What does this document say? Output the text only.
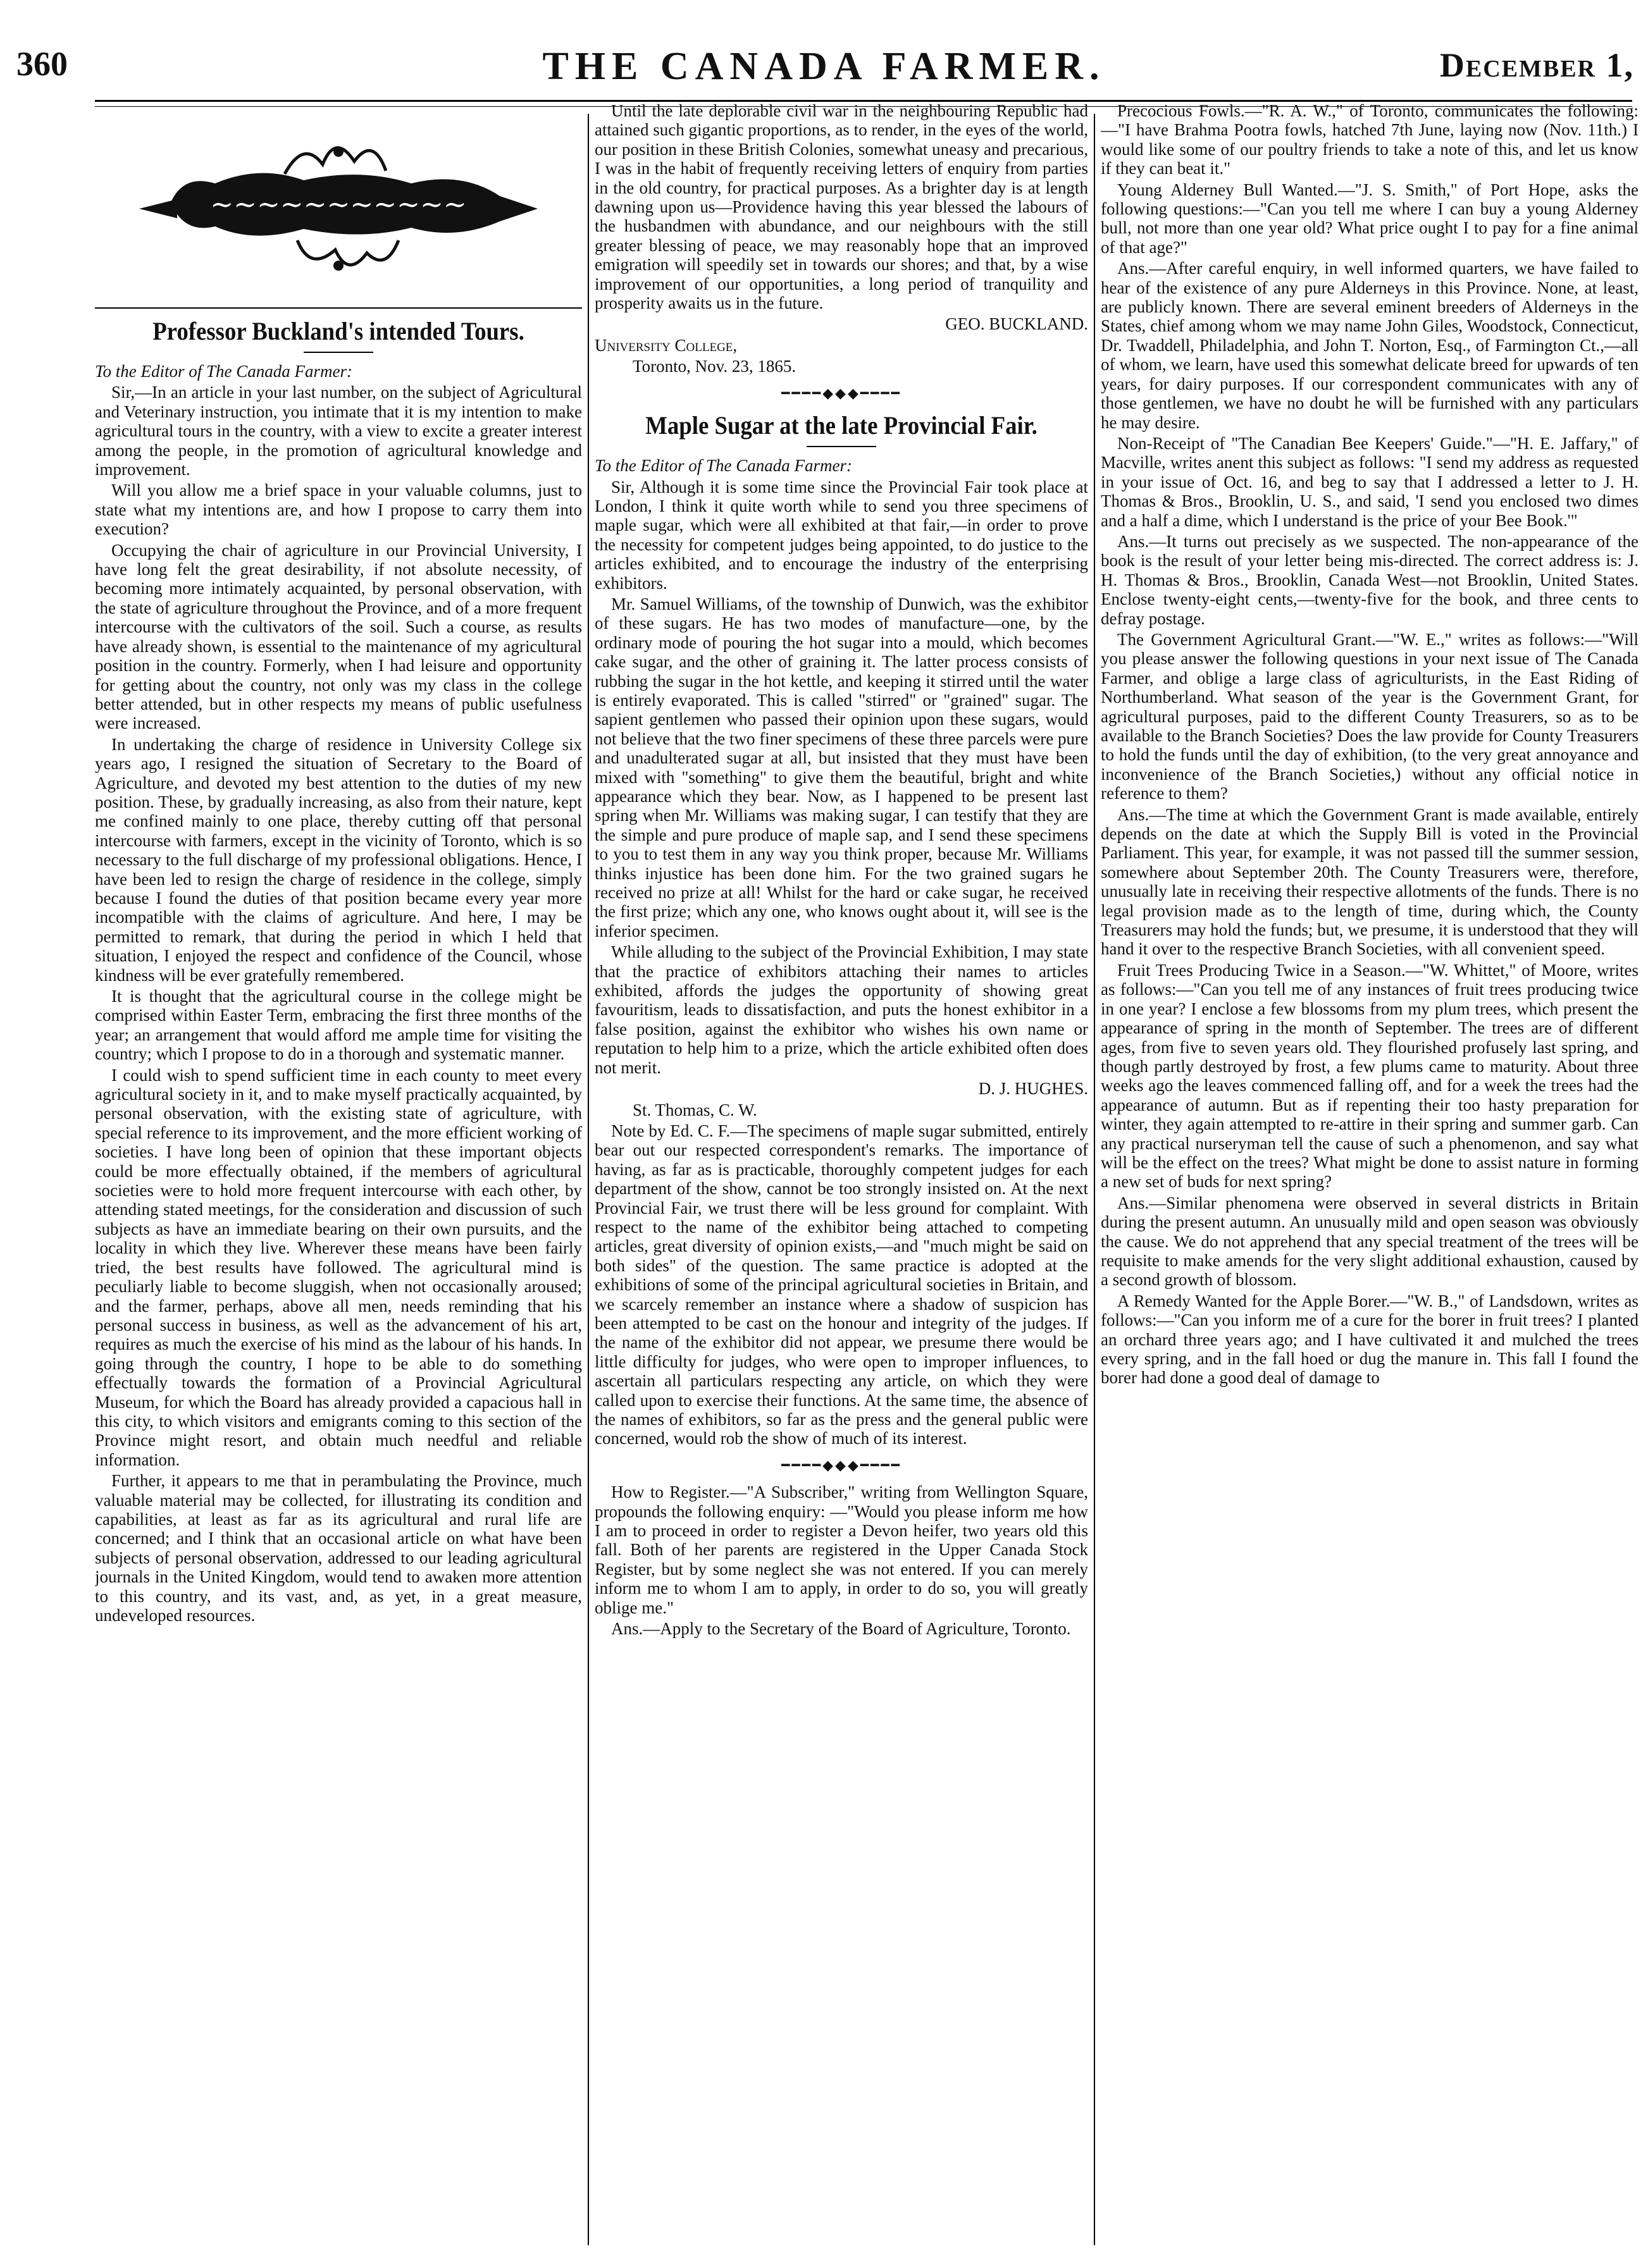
360	THE CANADA FARMER.	December 1,
~~~~~~~~~~~
Professor Buckland's intended Tours.

To the Editor of The Canada Farmer:

Sir,—In an article in your last number, on the subject of Agricultural and Veterinary instruction, you intimate that it is my intention to make agricultural tours in the country, with a view to excite a greater interest among the people, in the promotion of agricultural knowledge and improvement.

Will you allow me a brief space in your valuable columns, just to state what my intentions are, and how I propose to carry them into execution?

Occupying the chair of agriculture in our Provincial University, I have long felt the great desirability, if not absolute necessity, of becoming more intimately acquainted, by personal observation, with the state of agriculture throughout the Province, and of a more frequent intercourse with the cultivators of the soil. Such a course, as results have already shown, is essential to the maintenance of my agricultural position in the country. Formerly, when I had leisure and opportunity for getting about the country, not only was my class in the college better attended, but in other respects my means of public usefulness were increased.

In undertaking the charge of residence in University College six years ago, I resigned the situation of Secretary to the Board of Agriculture, and devoted my best attention to the duties of my new position. These, by gradually increasing, as also from their nature, kept me confined mainly to one place, thereby cutting off that personal intercourse with farmers, except in the vicinity of Toronto, which is so necessary to the full discharge of my professional obligations. Hence, I have been led to resign the charge of residence in the college, simply because I found the duties of that position became every year more incompatible with the claims of agriculture. And here, I may be permitted to remark, that during the period in which I held that situation, I enjoyed the respect and confidence of the Council, whose kindness will be ever gratefully remembered.

It is thought that the agricultural course in the college might be comprised within Easter Term, embracing the first three months of the year; an arrangement that would afford me ample time for visiting the country; which I propose to do in a thorough and systematic manner.

I could wish to spend sufficient time in each county to meet every agricultural society in it, and to make myself practically acquainted, by personal observation, with the existing state of agriculture, with special reference to its improvement, and the more efficient working of societies. I have long been of opinion that these important objects could be more effectually obtained, if the members of agricultural societies were to hold more frequent intercourse with each other, by attending stated meetings, for the consideration and discussion of such subjects as have an immediate bearing on their own pursuits, and the locality in which they live. Wherever these means have been fairly tried, the best results have followed. The agricultural mind is peculiarly liable to become sluggish, when not occasionally aroused; and the farmer, perhaps, above all men, needs reminding that his personal success in business, as well as the advancement of his art, requires as much the exercise of his mind as the labour of his hands. In going through the country, I hope to be able to do something effectually towards the formation of a Provincial Agricultural Museum, for which the Board has already provided a capacious hall in this city, to which visitors and emigrants coming to this section of the Province might resort, and obtain much needful and reliable information.

Further, it appears to me that in perambulating the Province, much valuable material may be collected, for illustrating its condition and capabilities, at least as far as its agricultural and rural life are concerned; and I think that an occasional article on what have been subjects of personal observation, addressed to our leading agricultural journals in the United Kingdom, would tend to awaken more attention to this country, and its vast, and, as yet, in a great measure, undeveloped resources.

Until the late deplorable civil war in the neighbouring Republic had attained such gigantic proportions, as to render, in the eyes of the world, our position in these British Colonies, somewhat uneasy and precarious, I was in the habit of frequently receiving letters of enquiry from parties in the old country, for practical purposes. As a brighter day is at length dawning upon us—Providence having this year blessed the labours of the husbandmen with abundance, and our neighbours with the still greater blessing of peace, we may reasonably hope that an improved emigration will speedily set in towards our shores; and that, by a wise improvement of our opportunities, a long period of tranquility and prosperity awaits us in the future.

GEO. BUCKLAND.

University College,

Toronto, Nov. 23, 1865.

━━━━◆◆◆━━━━
Maple Sugar at the late Provincial Fair.

To the Editor of The Canada Farmer:

Sir, Although it is some time since the Provincial Fair took place at London, I think it quite worth while to send you three specimens of maple sugar, which were all exhibited at that fair,—in order to prove the necessity for competent judges being appointed, to do justice to the articles exhibited, and to encourage the industry of the enterprising exhibitors.

Mr. Samuel Williams, of the township of Dunwich, was the exhibitor of these sugars. He has two modes of manufacture—one, by the ordinary mode of pouring the hot sugar into a mould, which becomes cake sugar, and the other of graining it. The latter process consists of rubbing the sugar in the hot kettle, and keeping it stirred until the water is entirely evaporated. This is called "stirred" or "grained" sugar. The sapient gentlemen who passed their opinion upon these sugars, would not believe that the two finer specimens of these three parcels were pure and unadulterated sugar at all, but insisted that they must have been mixed with "something" to give them the beautiful, bright and white appearance which they bear. Now, as I happened to be present last spring when Mr. Williams was making sugar, I can testify that they are the simple and pure produce of maple sap, and I send these specimens to you to test them in any way you think proper, because Mr. Williams thinks injustice has been done him. For the two grained sugars he received no prize at all! Whilst for the hard or cake sugar, he received the first prize; which any one, who knows ought about it, will see is the inferior specimen.

While alluding to the subject of the Provincial Exhibition, I may state that the practice of exhibitors attaching their names to articles exhibited, affords the judges the opportunity of showing great favouritism, leads to dissatisfaction, and puts the honest exhibitor in a false position, against the exhibitor who wishes his own name or reputation to help him to a prize, which the article exhibited often does not merit.

D. J. HUGHES.

St. Thomas, C. W.

Note by Ed. C. F.—The specimens of maple sugar submitted, entirely bear out our respected correspondent's remarks. The importance of having, as far as is practicable, thoroughly competent judges for each department of the show, cannot be too strongly insisted on. At the next Provincial Fair, we trust there will be less ground for complaint. With respect to the name of the exhibitor being attached to competing articles, great diversity of opinion exists,—and "much might be said on both sides" of the question. The same practice is adopted at the exhibitions of some of the principal agricultural societies in Britain, and we scarcely remember an instance where a shadow of suspicion has been attempted to be cast on the honour and integrity of the judges. If the name of the exhibitor did not appear, we presume there would be little difficulty for judges, who were open to improper influences, to ascertain all particulars respecting any article, on which they were called upon to exercise their functions. At the same time, the absence of the names of exhibitors, so far as the press and the general public were concerned, would rob the show of much of its interest.

━━━━◆◆◆━━━━

How to Register.—"A Subscriber," writing from Wellington Square, propounds the following enquiry: —"Would you please inform me how I am to proceed in order to register a Devon heifer, two years old this fall. Both of her parents are registered in the Upper Canada Stock Register, but by some neglect she was not entered. If you can merely inform me to whom I am to apply, in order to do so, you will greatly oblige me."

Ans.—Apply to the Secretary of the Board of Agriculture, Toronto.

Precocious Fowls.—"R. A. W.," of Toronto, communicates the following:—"I have Brahma Pootra fowls, hatched 7th June, laying now (Nov. 11th.) I would like some of our poultry friends to take a note of this, and let us know if they can beat it."

Young Alderney Bull Wanted.—"J. S. Smith," of Port Hope, asks the following questions:—"Can you tell me where I can buy a young Alderney bull, not more than one year old? What price ought I to pay for a fine animal of that age?"

Ans.—After careful enquiry, in well informed quarters, we have failed to hear of the existence of any pure Alderneys in this Province. None, at least, are publicly known. There are several eminent breeders of Alderneys in the States, chief among whom we may name John Giles, Woodstock, Connecticut, Dr. Twaddell, Philadelphia, and John T. Norton, Esq., of Farmington Ct.,—all of whom, we learn, have used this somewhat delicate breed for upwards of ten years, for dairy purposes. If our correspondent communicates with any of those gentlemen, we have no doubt he will be furnished with any particulars he may desire.

Non-Receipt of "The Canadian Bee Keepers' Guide."—"H. E. Jaffary," of Macville, writes anent this subject as follows: "I send my address as requested in your issue of Oct. 16, and beg to say that I addressed a letter to J. H. Thomas & Bros., Brooklin, U. S., and said, 'I send you enclosed two dimes and a half a dime, which I understand is the price of your Bee Book.'"

Ans.—It turns out precisely as we suspected. The non-appearance of the book is the result of your letter being mis-directed. The correct address is: J. H. Thomas & Bros., Brooklin, Canada West—not Brooklin, United States. Enclose twenty-eight cents,—twenty-five for the book, and three cents to defray postage.

The Government Agricultural Grant.—"W. E.," writes as follows:—"Will you please answer the following questions in your next issue of The Canada Farmer, and oblige a large class of agriculturists, in the East Riding of Northumberland. What season of the year is the Government Grant, for agricultural purposes, paid to the different County Treasurers, so as to be available to the Branch Societies? Does the law provide for County Treasurers to hold the funds until the day of exhibition, (to the very great annoyance and inconvenience of the Branch Societies,) without any official notice in reference to them?

Ans.—The time at which the Government Grant is made available, entirely depends on the date at which the Supply Bill is voted in the Provincial Parliament. This year, for example, it was not passed till the summer session, somewhere about September 20th. The County Treasurers were, therefore, unusually late in receiving their respective allotments of the funds. There is no legal provision made as to the length of time, during which, the County Treasurers may hold the funds; but, we presume, it is understood that they will hand it over to the respective Branch Societies, with all convenient speed.

Fruit Trees Producing Twice in a Season.—"W. Whittet," of Moore, writes as follows:—"Can you tell me of any instances of fruit trees producing twice in one year? I enclose a few blossoms from my plum trees, which present the appearance of spring in the month of September. The trees are of different ages, from five to seven years old. They flourished profusely last spring, and though partly destroyed by frost, a few plums came to maturity. About three weeks ago the leaves commenced falling off, and for a week the trees had the appearance of autumn. But as if repenting their too hasty preparation for winter, they again attempted to re-attire in their spring and summer garb. Can any practical nurseryman tell the cause of such a phenomenon, and say what will be the effect on the trees? What might be done to assist nature in forming a new set of buds for next spring?

Ans.—Similar phenomena were observed in several districts in Britain during the present autumn. An unusually mild and open season was obviously the cause. We do not apprehend that any special treatment of the trees will be requisite to make amends for the very slight additional exhaustion, caused by a second growth of blossom.

A Remedy Wanted for the Apple Borer.—"W. B.," of Landsdown, writes as follows:—"Can you inform me of a cure for the borer in fruit trees? I planted an orchard three years ago; and I have cultivated it and mulched the trees every spring, and in the fall hoed or dug the manure in. This fall I found the borer had done a good deal of damage to
